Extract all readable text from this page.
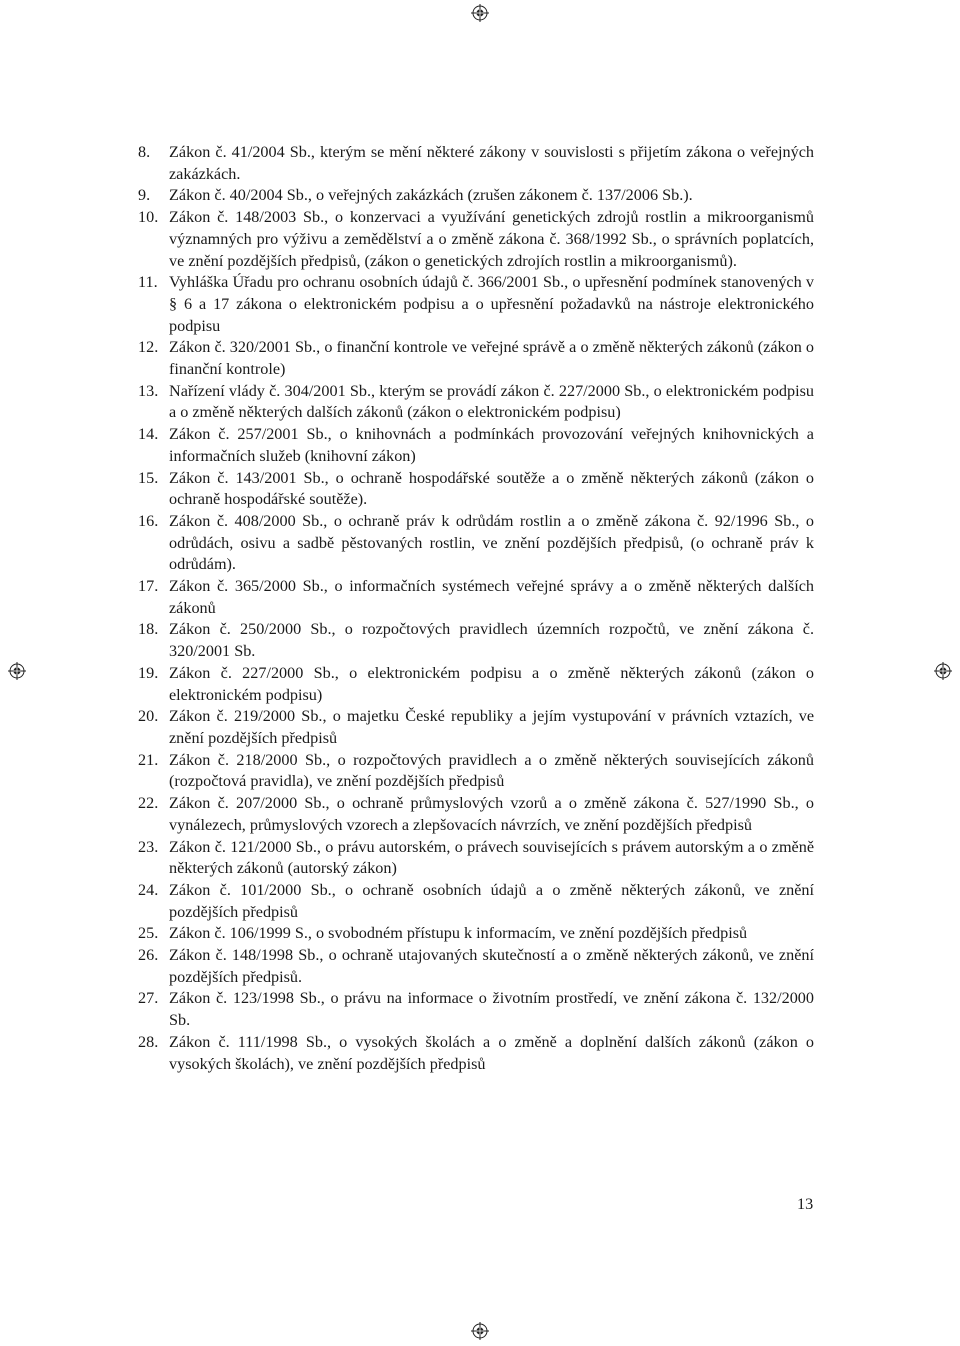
8. Zákon č. 41/2004 Sb., kterým se mění některé zákony v souvislosti s přijetím zákona o veřejných zakázkách.
9. Zákon č. 40/2004 Sb., o veřejných zakázkách (zrušen zákonem č. 137/2006 Sb.).
10. Zákon č. 148/2003 Sb., o konzervaci a využívání genetických zdrojů rostlin a mikroorganismů významných pro výživu a zemědělství a o změně zákona č. 368/1992 Sb., o správních poplatcích, ve znění pozdějších předpisů, (zákon o genetických zdrojích rostlin a mikroorganismů).
11. Vyhláška Úřadu pro ochranu osobních údajů č. 366/2001 Sb., o upřesnění podmínek stanovených v § 6 a 17 zákona o elektronickém podpisu a o upřesnění požadavků na nástroje elektronického podpisu
12. Zákon č. 320/2001 Sb., o finanční kontrole ve veřejné správě a o změně některých zákonů (zákon o finanční kontrole)
13. Nařízení vlády č. 304/2001 Sb., kterým se provádí zákon č. 227/2000 Sb., o elektronickém podpisu a o změně některých dalších zákonů (zákon o elektronickém podpisu)
14. Zákon č. 257/2001 Sb., o knihovnách a podmínkách provozování veřejných knihovnických a informačních služeb (knihovní zákon)
15. Zákon č. 143/2001 Sb., o ochraně hospodářské soutěže a o změně některých zákonů (zákon o ochraně hospodářské soutěže).
16. Zákon č. 408/2000 Sb., o ochraně práv k odrůdám rostlin a o změně zákona č. 92/1996 Sb., o odrůdách, osivu a sadbě pěstovaných rostlin, ve znění pozdějších předpisů, (o ochraně práv k odrůdám).
17. Zákon č. 365/2000 Sb., o informačních systémech veřejné správy a o změně některých dalších zákonů
18. Zákon č. 250/2000 Sb., o rozpočtových pravidlech územních rozpočtů, ve znění zákona č. 320/2001 Sb.
19. Zákon č. 227/2000 Sb., o elektronickém podpisu a o změně některých zákonů (zákon o elektronickém podpisu)
20. Zákon č. 219/2000 Sb., o majetku České republiky a jejím vystupování v právních vztazích, ve znění pozdějších předpisů
21. Zákon č. 218/2000 Sb., o rozpočtových pravidlech a o změně některých souvisejících zákonů (rozpočtová pravidla), ve znění pozdějších předpisů
22. Zákon č. 207/2000 Sb., o ochraně průmyslových vzorů a o změně zákona č. 527/1990 Sb., o vynálezech, průmyslových vzorech a zlepšovacích návrzích, ve znění pozdějších předpisů
23. Zákon č. 121/2000 Sb., o právu autorském, o právech souvisejících s právem autorským a o změně některých zákonů (autorský zákon)
24. Zákon č. 101/2000 Sb., o ochraně osobních údajů a o změně některých zákonů, ve znění pozdějších předpisů
25. Zákon č. 106/1999 S., o svobodném přístupu k informacím, ve znění pozdějších předpisů
26. Zákon č. 148/1998 Sb., o ochraně utajovaných skutečností a o změně některých zákonů, ve znění pozdějších předpisů.
27. Zákon č. 123/1998 Sb., o právu na informace o životním prostředí, ve znění zákona č. 132/2000 Sb.
28. Zákon č. 111/1998 Sb., o vysokých školách a o změně a doplnění dalších zákonů (zákon o vysokých školách), ve znění pozdějších předpisů
13
